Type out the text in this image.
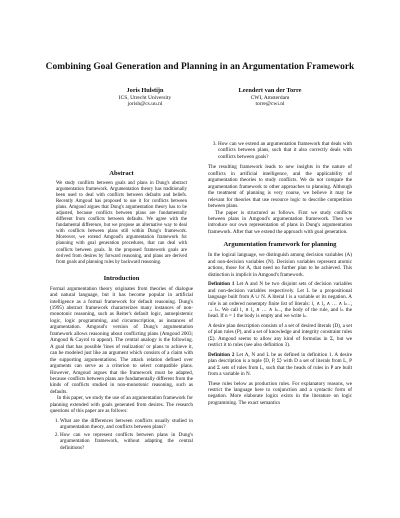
Combining Goal Generation and Planning in an Argumentation Framework
Joris Hulstijn
ICS, Utrecht University
jorish@cs.uu.nl
Leendert van der Torre
CWI, Amsterdam
torre@cwi.nl
Abstract

We study conflicts between goals and plans in Dung's abstract argumentation framework. Argumentation theory has traditionally been used to deal with conflicts between defaults and beliefs. Recently Amgoud has proposed to use it for conflicts between plans. Amgoud argues that Dung's argumentation theory has to be adjusted, because conflicts between plans are fundamentally different from conflicts between defaults. We agree with the fundamental difference, but we propose an alternative way to deal with conflicts between plans still within Dung's framework. Moreover, we extend Amgoud's argumentation framework for planning with goal generation procedures, that can deal with conflicts between goals. In the proposed framework goals are derived from desires by forward reasoning, and plans are derived from goals and planning rules by backward reasoning.

Introduction

Formal argumentation theory originates from theories of dialogue and natural language, but it has become popular in artificial intelligence as a formal framework for default reasoning. Dung's (1995) abstract framework characterizes many instances of non-monotonic reasoning, such as Reiter's default logic, autoepistemic logic, logic programming, and circumscription, as instances of argumentation. Amgoud's version of Dung's argumentation framework allows reasoning about conflicting plans (Amgoud 2003; Amgoud & Cayrol to appear). The central analogy is the following. A goal that has possible 'lines of realization' or plans to achieve it, can be modeled just like an argument which consists of a claim with the supporting argumentations. The attack relation defined over arguments can serve as a criterion to select compatible plans. However, Amgoud argues that the framework must be adapted, because conflicts between plans are fundamentally different from the kinds of conflicts studied in non-monotonic reasoning, such as defaults.

In this paper, we study the use of an argumentation framework for planning extended with goals generated from desires. The research questions of this paper are as follows:

1. What are the differences between conflicts usually studied in argumentation theory, and conflicts between plans?
2. How can we represent conflicts between plans in Dung's argumentation framework, without adapting the central definitions?
3. How can we extend an argumentation framework that deals with conflicts between plans, such that it also correctly deals with conflicts between goals?

The resulting framework leads to new insights in the nature of conflicts in artificial intelligence, and the applicability of argumentation theories to study conflicts. We do not compare the argumentation framework to other approaches to planning. Although the treatment of planning is very coarse, we believe it may be relevant for theories that use resource logic to describe competition between plans.

The paper is structured as follows. First we study conflicts between plans in Amgoud's argumentation framework. Then we introduce our own representation of plans in Dung's argumentation framework. After that we extend the approach with goal generation.

Argumentation framework for planning

In the logical language, we distinguish among decision variables (A) and non-decision variables (N). Decision variables represent atomic actions, those for A, that need no further plan to be achieved. This distinction is implicit in Amgoud's framework.

Definition 1 Let A and N be two disjoint sets of decision variables and non-decision variables respectively. Let L be a propositional language built from A ∪ N. A literal l is a variable or its negation. A rule is an ordered nonempty finite list of literals: l₁ ∧ l₂ ∧ … ∧ lₙ₋₁ → lₙ. We call l₁ ∧ l₂ ∧ … ∧ lₙ₋₁ the body of the rule, and lₙ the head. If n = 1 the body is empty and we write lₙ.

A desire plan description consists of a set of desired literals (D), a set of plan rules (P), and a set of knowledge and integrity constraint rules (Σ). Amgoud seems to allow any kind of formulas in Σ, but we restrict it to rules (see also definition 3).

Definition 2 Let A, N and L be as defined in definition 1. A desire plan description is a tuple ⟨D, P, Σ⟩ with D a set of literals from L, P and Σ sets of rules from L, such that the heads of rules in P are built from a variable in N.

These rules below as production rules. For explanatory reasons, we restrict the language here to conjunction and a syntactic form of negation. More elaborate logics exists in the literature on logic programming. The exact semantics
